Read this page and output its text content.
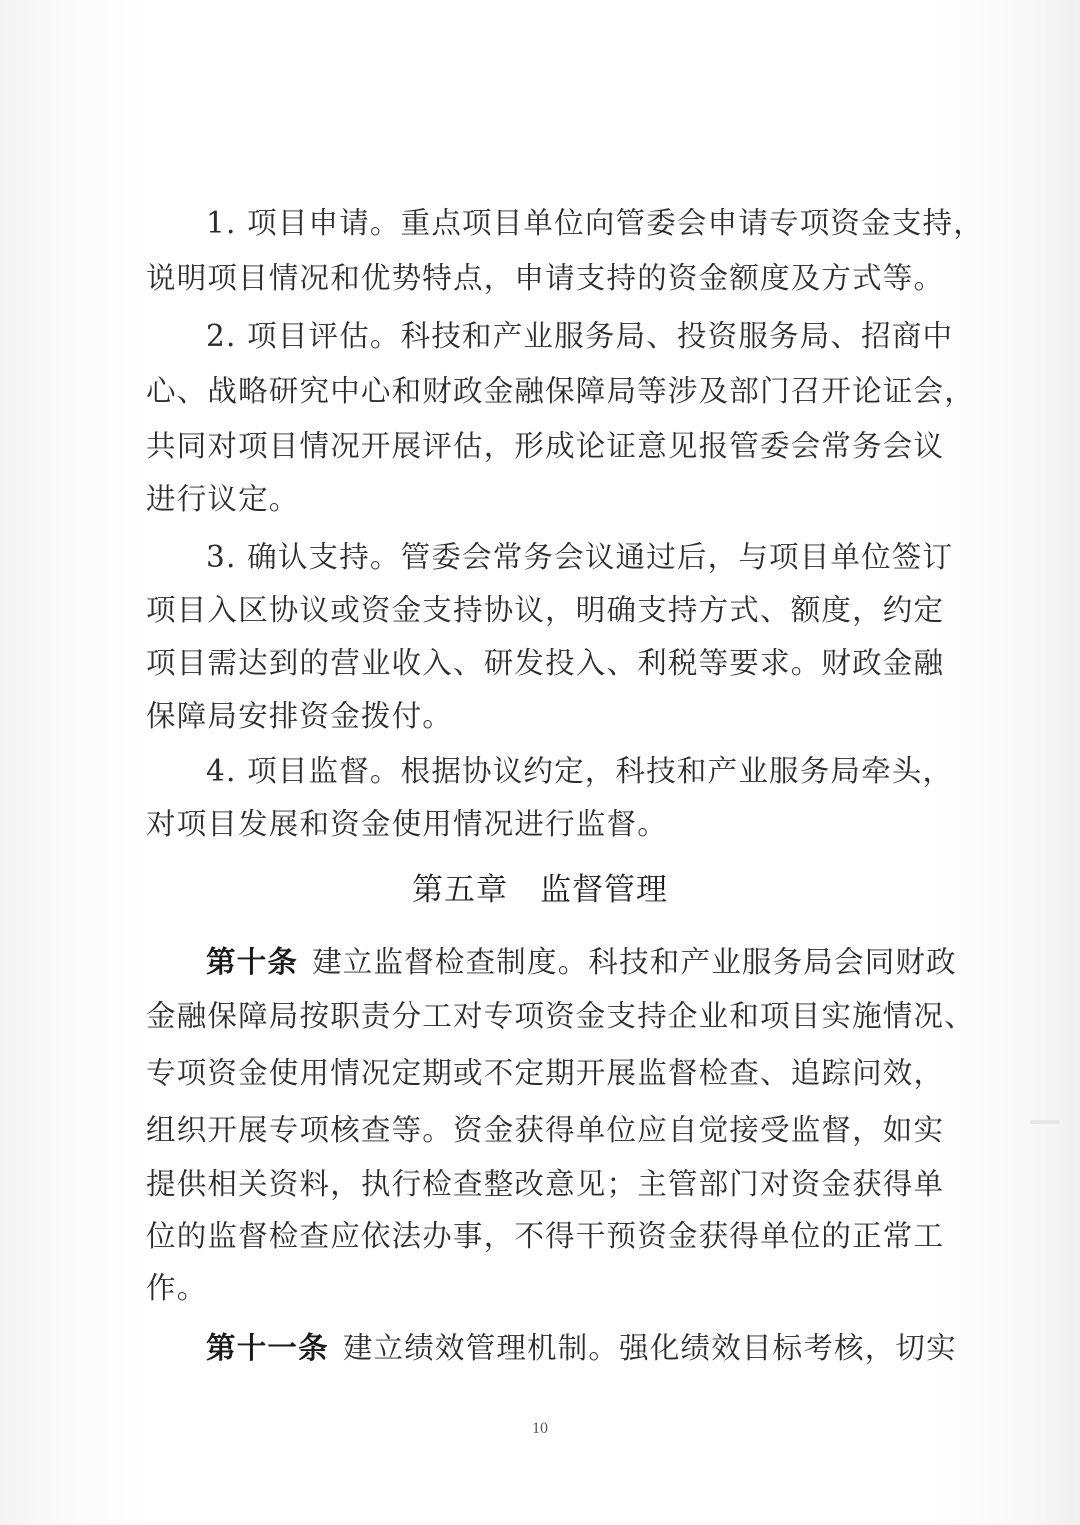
1. 项目申请。重点项目单位向管委会申请专项资金支持，

说明项目情况和优势特点，申请支持的资金额度及方式等。

2. 项目评估。科技和产业服务局、投资服务局、招商中

心、战略研究中心和财政金融保障局等涉及部门召开论证会，

共同对项目情况开展评估，形成论证意见报管委会常务会议

进行议定。

3. 确认支持。管委会常务会议通过后，与项目单位签订

项目入区协议或资金支持协议，明确支持方式、额度，约定

项目需达到的营业收入、研发投入、利税等要求。财政金融

保障局安排资金拨付。

4. 项目监督。根据协议约定，科技和产业服务局牵头，

对项目发展和资金使用情况进行监督。

第五章　监督管理

第十条 建立监督检查制度。科技和产业服务局会同财政

金融保障局按职责分工对专项资金支持企业和项目实施情况、

专项资金使用情况定期或不定期开展监督检查、追踪问效，

组织开展专项核查等。资金获得单位应自觉接受监督，如实

提供相关资料，执行检查整改意见；主管部门对资金获得单

位的监督检查应依法办事，不得干预资金获得单位的正常工

作。

第十一条 建立绩效管理机制。强化绩效目标考核，切实

10
